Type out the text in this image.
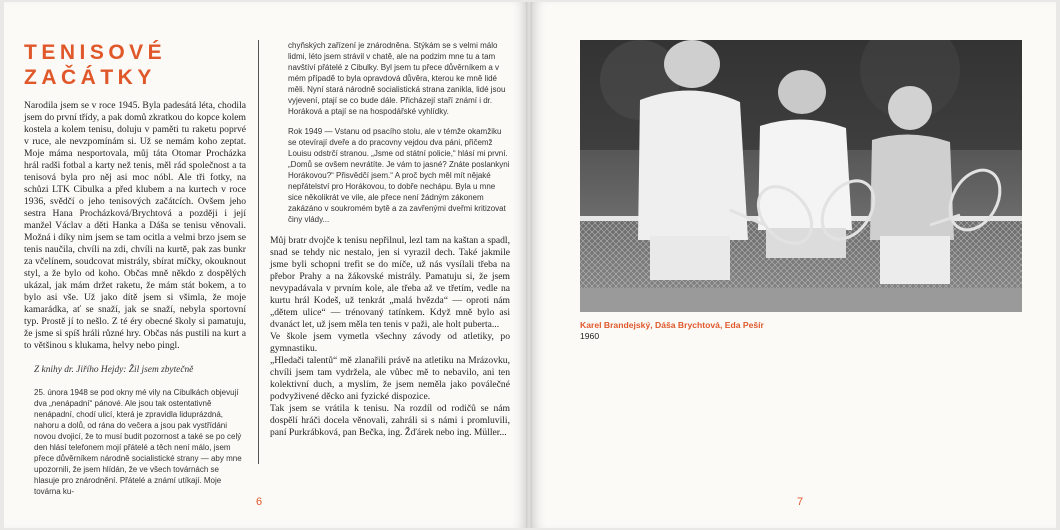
TENISOVÉ
ZAČÁTKY

Narodila jsem se v roce 1945. Byla padesátá léta, chodila jsem do první třídy, a pak domů zkratkou do kopce kolem kostela a kolem tenisu, doluju v paměti tu raketu poprvé v ruce, ale nevzpomínám si. Už se nemám koho zeptat. Moje máma nesportovala, můj táta Otomar Procházka hrál radši fotbal a karty než tenis, měl rád společnost a ta tenisová byla pro něj asi moc nóbl. Ale tři fotky, na schůzi LTK Cibulka a před klubem a na kurtech v roce 1936, svědčí o jeho tenisových začátcích. Ovšem jeho sestra Hana Procházková/Brychtová a později i její manžel Václav a děti Hanka a Dáša se tenisu věnovali. Možná i díky nim jsem se tam ocitla a velmi brzo jsem se tenis naučila, chvíli na zdi, chvíli na kurtě, pak zas bunkr za včelínem, soudcovat mistrály, sbírat míčky, okouknout styl, a že bylo od koho. Občas mně někdo z dospělých ukázal, jak mám držet raketu, že mám stát bokem, a to bylo asi vše. Už jako dítě jsem si všimla, že moje kamarádka, ať se snaží, jak se snaží, nebyla sportovní typ. Prostě jí to nešlo. Z té éry obecné školy si pamatuju, že jsme si spíš hráli různé hry. Občas nás pustili na kurt a to většinou s klukama, helvy nebo pingl.

Z knihy dr. Jiřího Hejdy: Žil jsem zbytečně

25. února 1948 se pod okny mé vily na Cibulkách objevují dva „nenápadní“ pánové. Ale jsou tak ostentativně nenápadní, chodí ulicí, která je zpravidla liduprázdná, nahoru a dolů, od rána do večera a jsou pak vystřídáni novou dvojicí, že to musí budit pozornost a také se po celý den hlásí telefonem mojí přátelé a těch není málo, jsem přece důvěrníkem národně socialistické strany — aby mne upozornili, že jsem hlídán, že ve všech továrnách se hlasuje pro znárodnění. Přátelé a známí utíkají. Moje továrna ku-

chyňských zařízení je znárodněna. Stýkám se s velmi málo lidmi, léto jsem strávil v chatě, ale na podzim mne tu a tam navštíví přátelé z Cibulky. Byl jsem tu přece důvěrníkem a v mém případě to byla opravdová důvěra, kterou ke mně lidé měli. Nyní stará národně socialistická strana zanikla, lidé jsou vyjevení, ptají se co bude dále. Přicházejí staří známí i dr. Horáková a ptají se na hospodářské vyhlídky.

Rok 1949 — Vstanu od psacího stolu, ale v témže okamžiku se otevírají dveře a do pracovny vejdou dva páni, přičemž Louisu odstrčí stranou. „Jsme od státní policie,“ hlásí mi první. „Domů se ovšem nevrátíte. Je vám to jasné? Znáte poslankyni Horákovou?“ Přisvědčí jsem.“ A proč bych měl mít nějaké nepřátelství pro Horákovou, to dobře nechápu. Byla u mne sice několikrát ve vile, ale přece není žádným zákonem zakázáno v soukromém bytě a za zavřenými dveřmi kritizovat činy vlády...

Můj bratr dvojče k tenisu nepřilnul, lezl tam na kaštan a spadl, snad se tehdy nic nestalo, jen si vyrazil dech. Také jakmile jsme byli schopni trefit se do míče, už nás vysílali třeba na přebor Prahy a na žákovské mistrály. Pamatuju si, že jsem nevypadávala v prvním kole, ale třeba až ve třetím, vedle na kurtu hrál Kodeš, už tenkrát „malá hvězda“ — oproti nám „dětem ulice“ — trénovaný tatínkem. Když mně bylo asi dvanáct let, už jsem měla ten tenis v paži, ale holt puberta...

Ve škole jsem vymetla všechny závody od atletiky, po gymnastiku.

„Hledači talentů“ mě zlanařili právě na atletiku na Mrázovku, chvíli jsem tam vydržela, ale vůbec mě to nebavilo, ani ten kolektivní duch, a myslím, že jsem neměla jako poválečné podvyživené děcko ani fyzické dispozice.

Tak jsem se vrátila k tenisu. Na rozdíl od rodičů se nám dospělí hráči docela věnovali, zahráli si s námi i promluvili, paní Purkrábková, pan Bečka, ing. Žďárek nebo ing. Müller...

6
Karel Brandejský, Dáša Brychtová, Eda Pešír
1960
7
